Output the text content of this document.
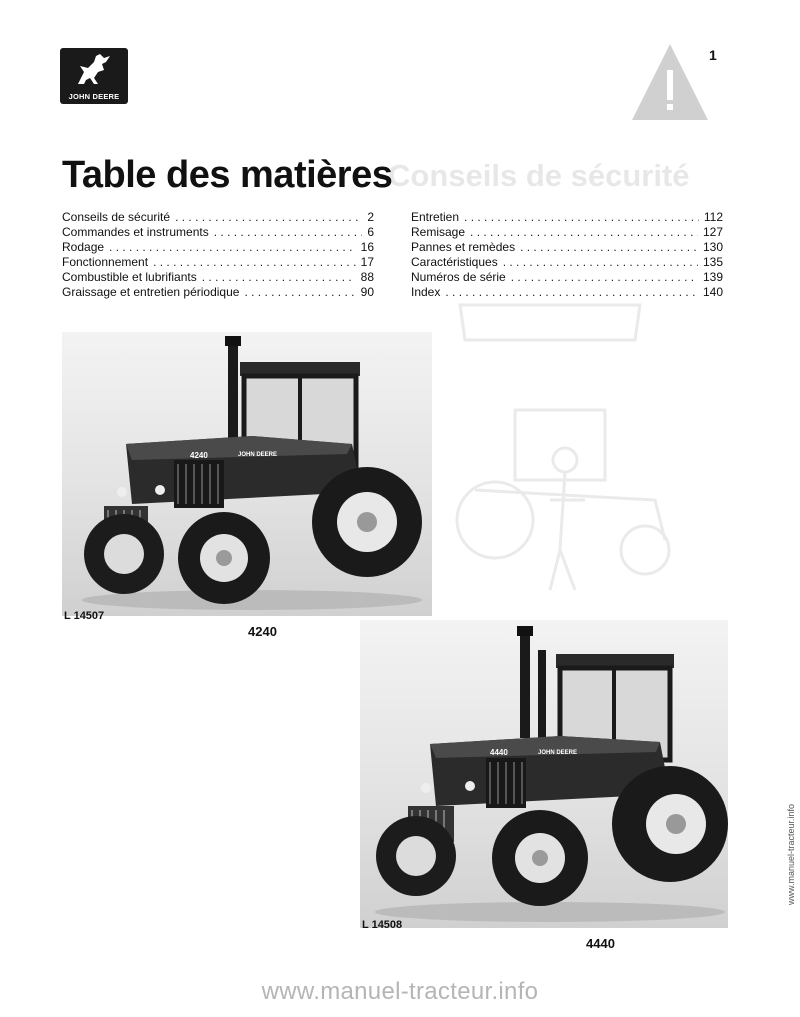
JOHN DEERE
1
Conseils de sécurité
Table des matières
Conseils de sécurité . . .	2
Commandes et instruments . . .	6
Rodage . . .	16
Fonctionnement . . .	17
Combustible et lubrifiants . . .	88
Graissage et entretien périodique . . .	90
Entretien . . .	112
Remisage . . .	127
Pannes et remèdes . . .	130
Caractéristiques . . .	135
Numéros de série . . .	139
Index . . .	140
4240	JOHN DEERE
L 14507
4240
4440	JOHN DEERE
L 14508
4440
www.manuel-tracteur.info
www.manuel-tracteur.info
